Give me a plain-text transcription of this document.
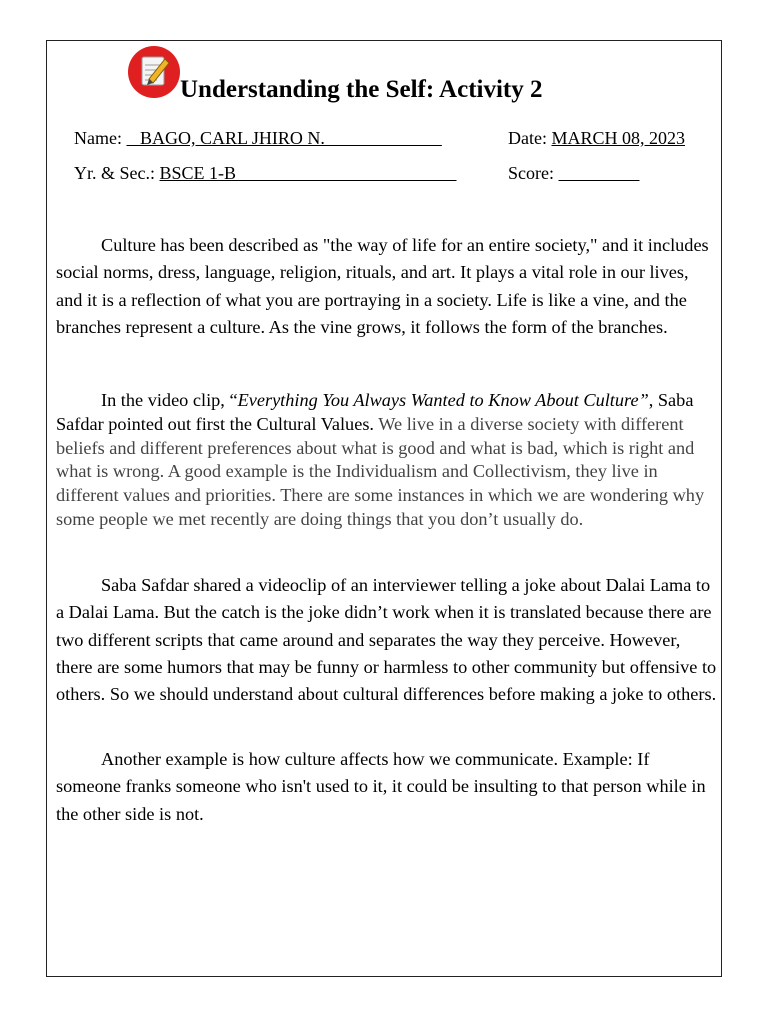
Understanding the Self: Activity 2
Name:    BAGO, CARL JHIRO N.	Date: MARCH 08, 2023
Yr. & Sec.: BSCE 1-B	Score:

Culture has been described as "the way of life for an entire society," and it includes social norms, dress, language, religion, rituals, and art. It plays a vital role in our lives, and it is a reflection of what you are portraying in a society. Life is like a vine, and the branches represent a culture. As the vine grows, it follows the form of the branches.

In the video clip, “Everything You Always Wanted to Know About Culture”, Saba Safdar pointed out first the Cultural Values. We live in a diverse society with different beliefs and different preferences about what is good and what is bad, which is right and what is wrong. A good example is the Individualism and Collectivism, they live in different values and priorities. There are some instances in which we are wondering why some people we met recently are doing things that you don’t usually do.

Saba Safdar shared a videoclip of an interviewer telling a joke about Dalai Lama to a Dalai Lama. But the catch is the joke didn’t work when it is translated because there are two different scripts that came around and separates the way they perceive. However, there are some humors that may be funny or harmless to other community but offensive to others. So we should understand about cultural differences before making a joke to others.

Another example is how culture affects how we communicate. Example: If someone franks someone who isn't used to it, it could be insulting to that person while in the other side is not.
